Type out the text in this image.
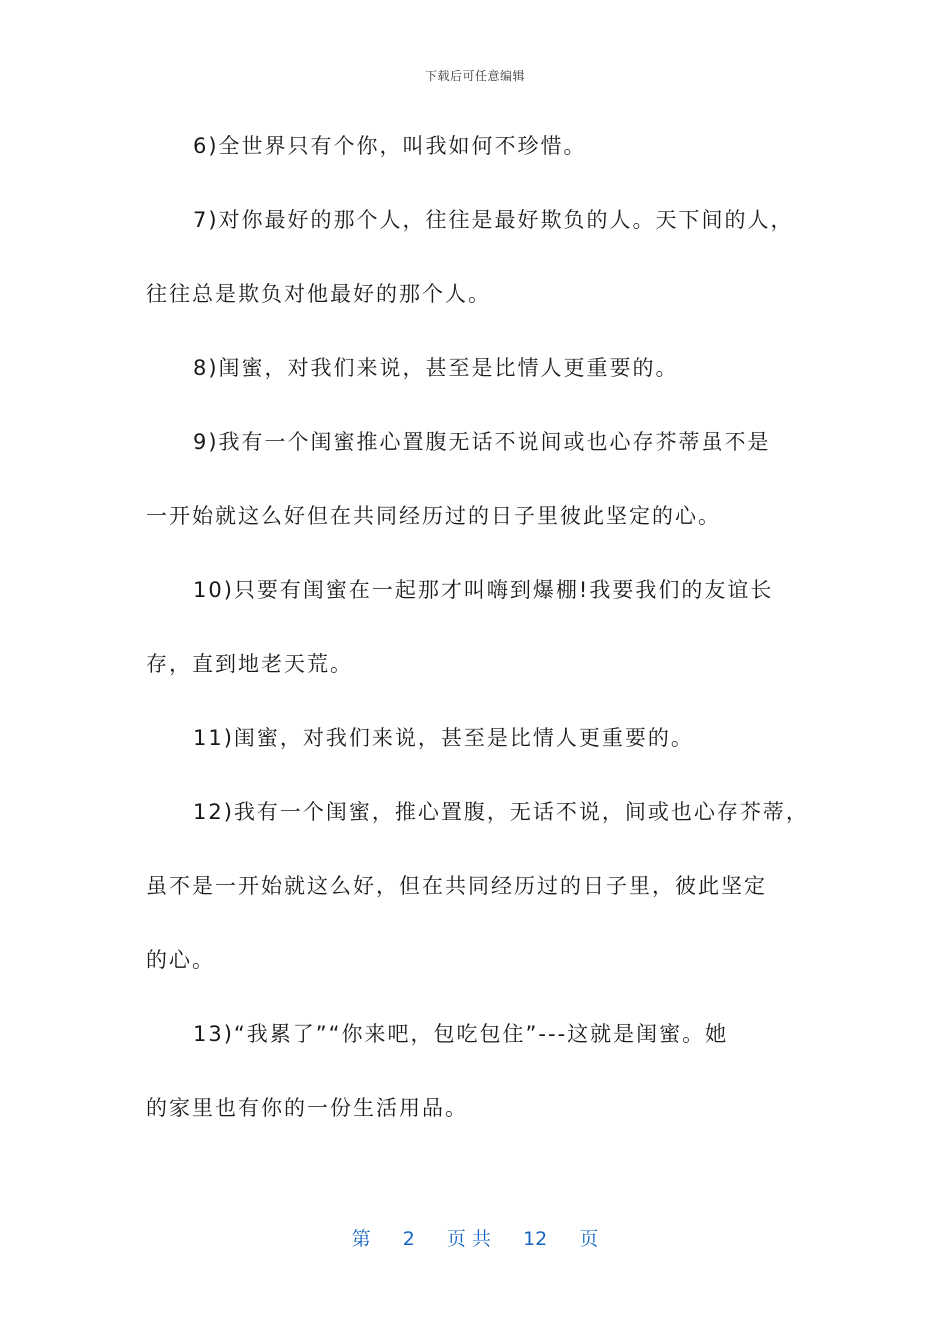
下载后可任意编辑
6)全世界只有个你，叫我如何不珍惜。
7)对你最好的那个人，往往是最好欺负的人。天下间的人，
往往总是欺负对他最好的那个人。
8)闺蜜，对我们来说，甚至是比情人更重要的。
9)我有一个闺蜜推心置腹无话不说间或也心存芥蒂虽不是
一开始就这么好但在共同经历过的日子里彼此坚定的心。
10)只要有闺蜜在一起那才叫嗨到爆棚!我要我们的友谊长
存，直到地老天荒。
11)闺蜜，对我们来说，甚至是比情人更重要的。
12)我有一个闺蜜，推心置腹，无话不说，间或也心存芥蒂，
虽不是一开始就这么好，但在共同经历过的日子里，彼此坚定
的心。
13)“我累了”“你来吧，包吃包住”---这就是闺蜜。她
的家里也有你的一份生活用品。
第 2 页 共 12 页
